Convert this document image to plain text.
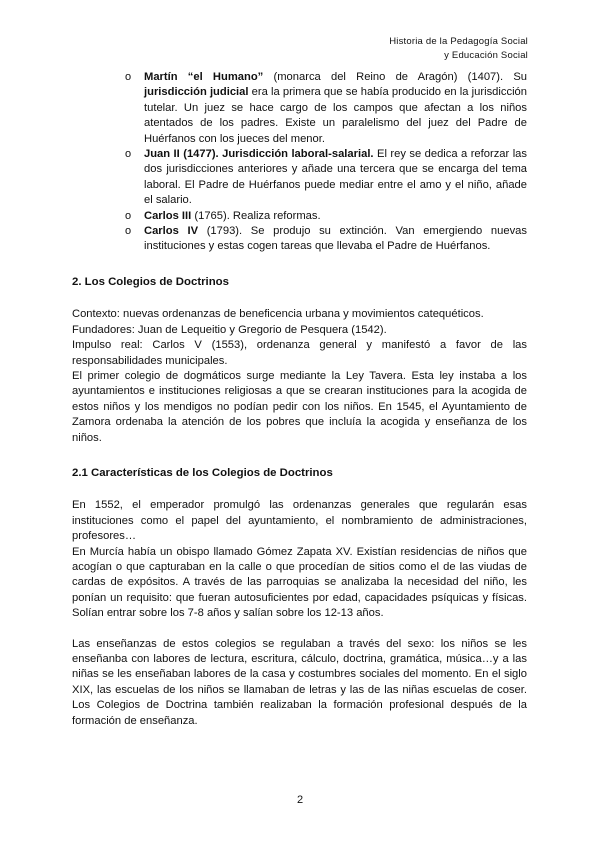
Historia de la Pedagogía Social
y Educación Social
o Martín “el Humano” (monarca del Reino de Aragón) (1407). Su jurisdicción judicial era la primera que se había producido en la jurisdicción tutelar. Un juez se hace cargo de los campos que afectan a los niños atentados de los padres. Existe un paralelismo del juez del Padre de Huérfanos con los jueces del menor.
o Juan II (1477). Jurisdicción laboral-salarial. El rey se dedica a reforzar las dos jurisdicciones anteriores y añade una tercera que se encarga del tema laboral. El Padre de Huérfanos puede mediar entre el amo y el niño, añade el salario.
o Carlos III (1765). Realiza reformas.
o Carlos IV (1793). Se produjo su extinción. Van emergiendo nuevas instituciones y estas cogen tareas que llevaba el Padre de Huérfanos.
2. Los Colegios de Doctrinos

Contexto: nuevas ordenanzas de beneficencia urbana y movimientos catequéticos.

Fundadores: Juan de Lequeitio y Gregorio de Pesquera (1542).

Impulso real: Carlos V (1553), ordenanza general y manifestó a favor de las responsabilidades municipales.

El primer colegio de dogmáticos surge mediante la Ley Tavera. Esta ley instaba a los ayuntamientos e instituciones religiosas a que se crearan instituciones para la acogida de estos niños y los mendigos no podían pedir con los niños. En 1545, el Ayuntamiento de Zamora ordenaba la atención de los pobres que incluía la acogida y enseñanza de los niños.

2.1 Características de los Colegios de Doctrinos

En 1552, el emperador promulgó las ordenanzas generales que regularán esas instituciones como el papel del ayuntamiento, el nombramiento de administraciones, profesores…

En Murcía había un obispo llamado Gómez Zapata XV. Existían residencias de niños que acogían o que capturaban en la calle o que procedían de sitios como el de las viudas de cardas de expósitos. A través de las parroquias se analizaba la necesidad del niño, les ponían un requisito: que fueran autosuficientes por edad, capacidades psíquicas y físicas. Solían entrar sobre los 7-8 años y salían sobre los 12-13 años.

Las enseñanzas de estos colegios se regulaban a través del sexo: los niños se les enseñanba con labores de lectura, escritura, cálculo, doctrina, gramática, música…y a las niñas se les enseñaban labores de la casa y costumbres sociales del momento. En el siglo XIX, las escuelas de los niños se llamaban de letras y las de las niñas escuelas de coser. Los Colegios de Doctrina también realizaban la formación profesional después de la formación de enseñanza.

2
